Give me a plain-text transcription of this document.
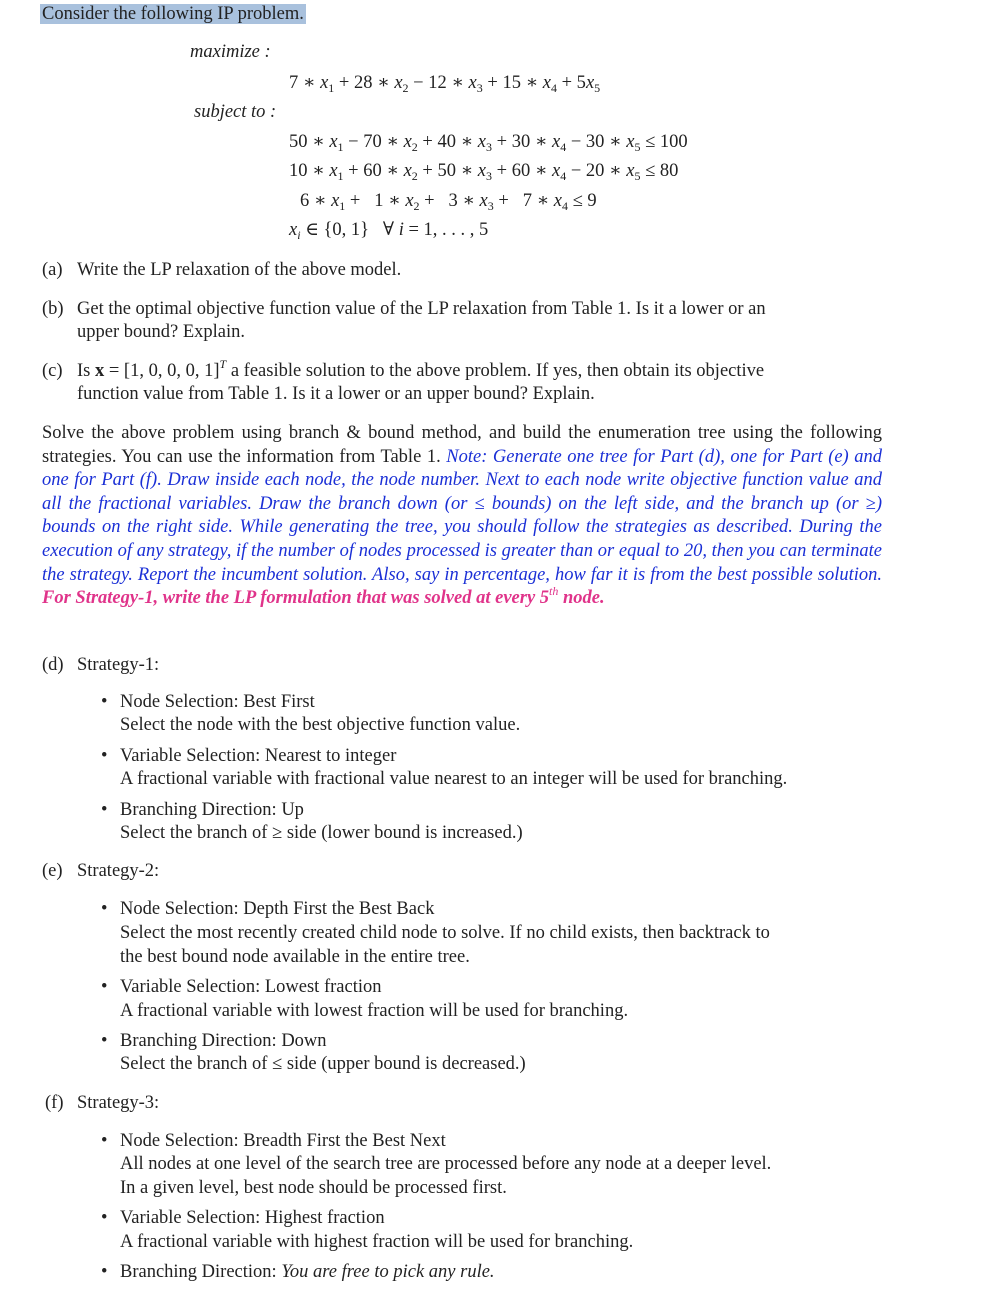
Consider the following IP problem.
maximize :
7 ∗ $x_1 + 28$ ∗ $x_2 - 12$ ∗ $x_3 + 15$ ∗ $x_4 + 5x_5$
subject to :
50 ∗ $x_1 - 70$ ∗ $x_2 + 40$ ∗ $x_3 + 30$ ∗ $x_4 - 30$ ∗ $x_5 \le 100$
10 ∗ $x_1 + 60$ ∗ $x_2 + 50$ ∗ $x_3 + 60$ ∗ $x_4 - 20$ ∗ $x_5 \le 80$
6 ∗ $x_1 + 1$ ∗ $x_2 + 3$ ∗ $x_3 + 7$ ∗ $x_4 \le 9$
$x_i$ ∈ {0, 1}   ∀ i = 1, . . . , 5
(a) Write the LP relaxation of the above model.
(b) Get the optimal objective function value of the LP relaxation from Table 1. Is it a lower or an
upper bound? Explain.
(c) Is x = [1, 0, 0, 0, 1]$^T$ a feasible solution to the above problem. If yes, then obtain its objective
function value from Table 1. Is it a lower or an upper bound? Explain.
Solve the above problem using branch & bound method, and build the enumeration tree using the following strategies. You can use the information from Table 1. Note: Generate one tree for Part (d), one for Part (e) and one for Part (f). Draw inside each node, the node number. Next to each node write objective function value and all the fractional variables. Draw the branch down (or ≤ bounds) on the left side, and the branch up (or ≥) bounds on the right side. While generating the tree, you should follow the strategies as described. During the execution of any strategy, if the number of nodes processed is greater than or equal to 20, then you can terminate the strategy. Report the incumbent solution. Also, say in percentage, how far it is from the best possible solution. For Strategy-1, write the LP formulation that was solved at every 5th node.
(d) Strategy-1:
• Node Selection: Best First
Select the node with the best objective function value.
• Variable Selection: Nearest to integer
A fractional variable with fractional value nearest to an integer will be used for branching.
• Branching Direction: Up
Select the branch of ≥ side (lower bound is increased.)
(e) Strategy-2:
• Node Selection: Depth First the Best Back
Select the most recently created child node to solve. If no child exists, then backtrack to
the best bound node available in the entire tree.
• Variable Selection: Lowest fraction
A fractional variable with lowest fraction will be used for branching.
• Branching Direction: Down
Select the branch of ≤ side (upper bound is decreased.)
(f) Strategy-3:
• Node Selection: Breadth First the Best Next
All nodes at one level of the search tree are processed before any node at a deeper level.
In a given level, best node should be processed first.
• Variable Selection: Highest fraction
A fractional variable with highest fraction will be used for branching.
• Branching Direction: You are free to pick any rule.
